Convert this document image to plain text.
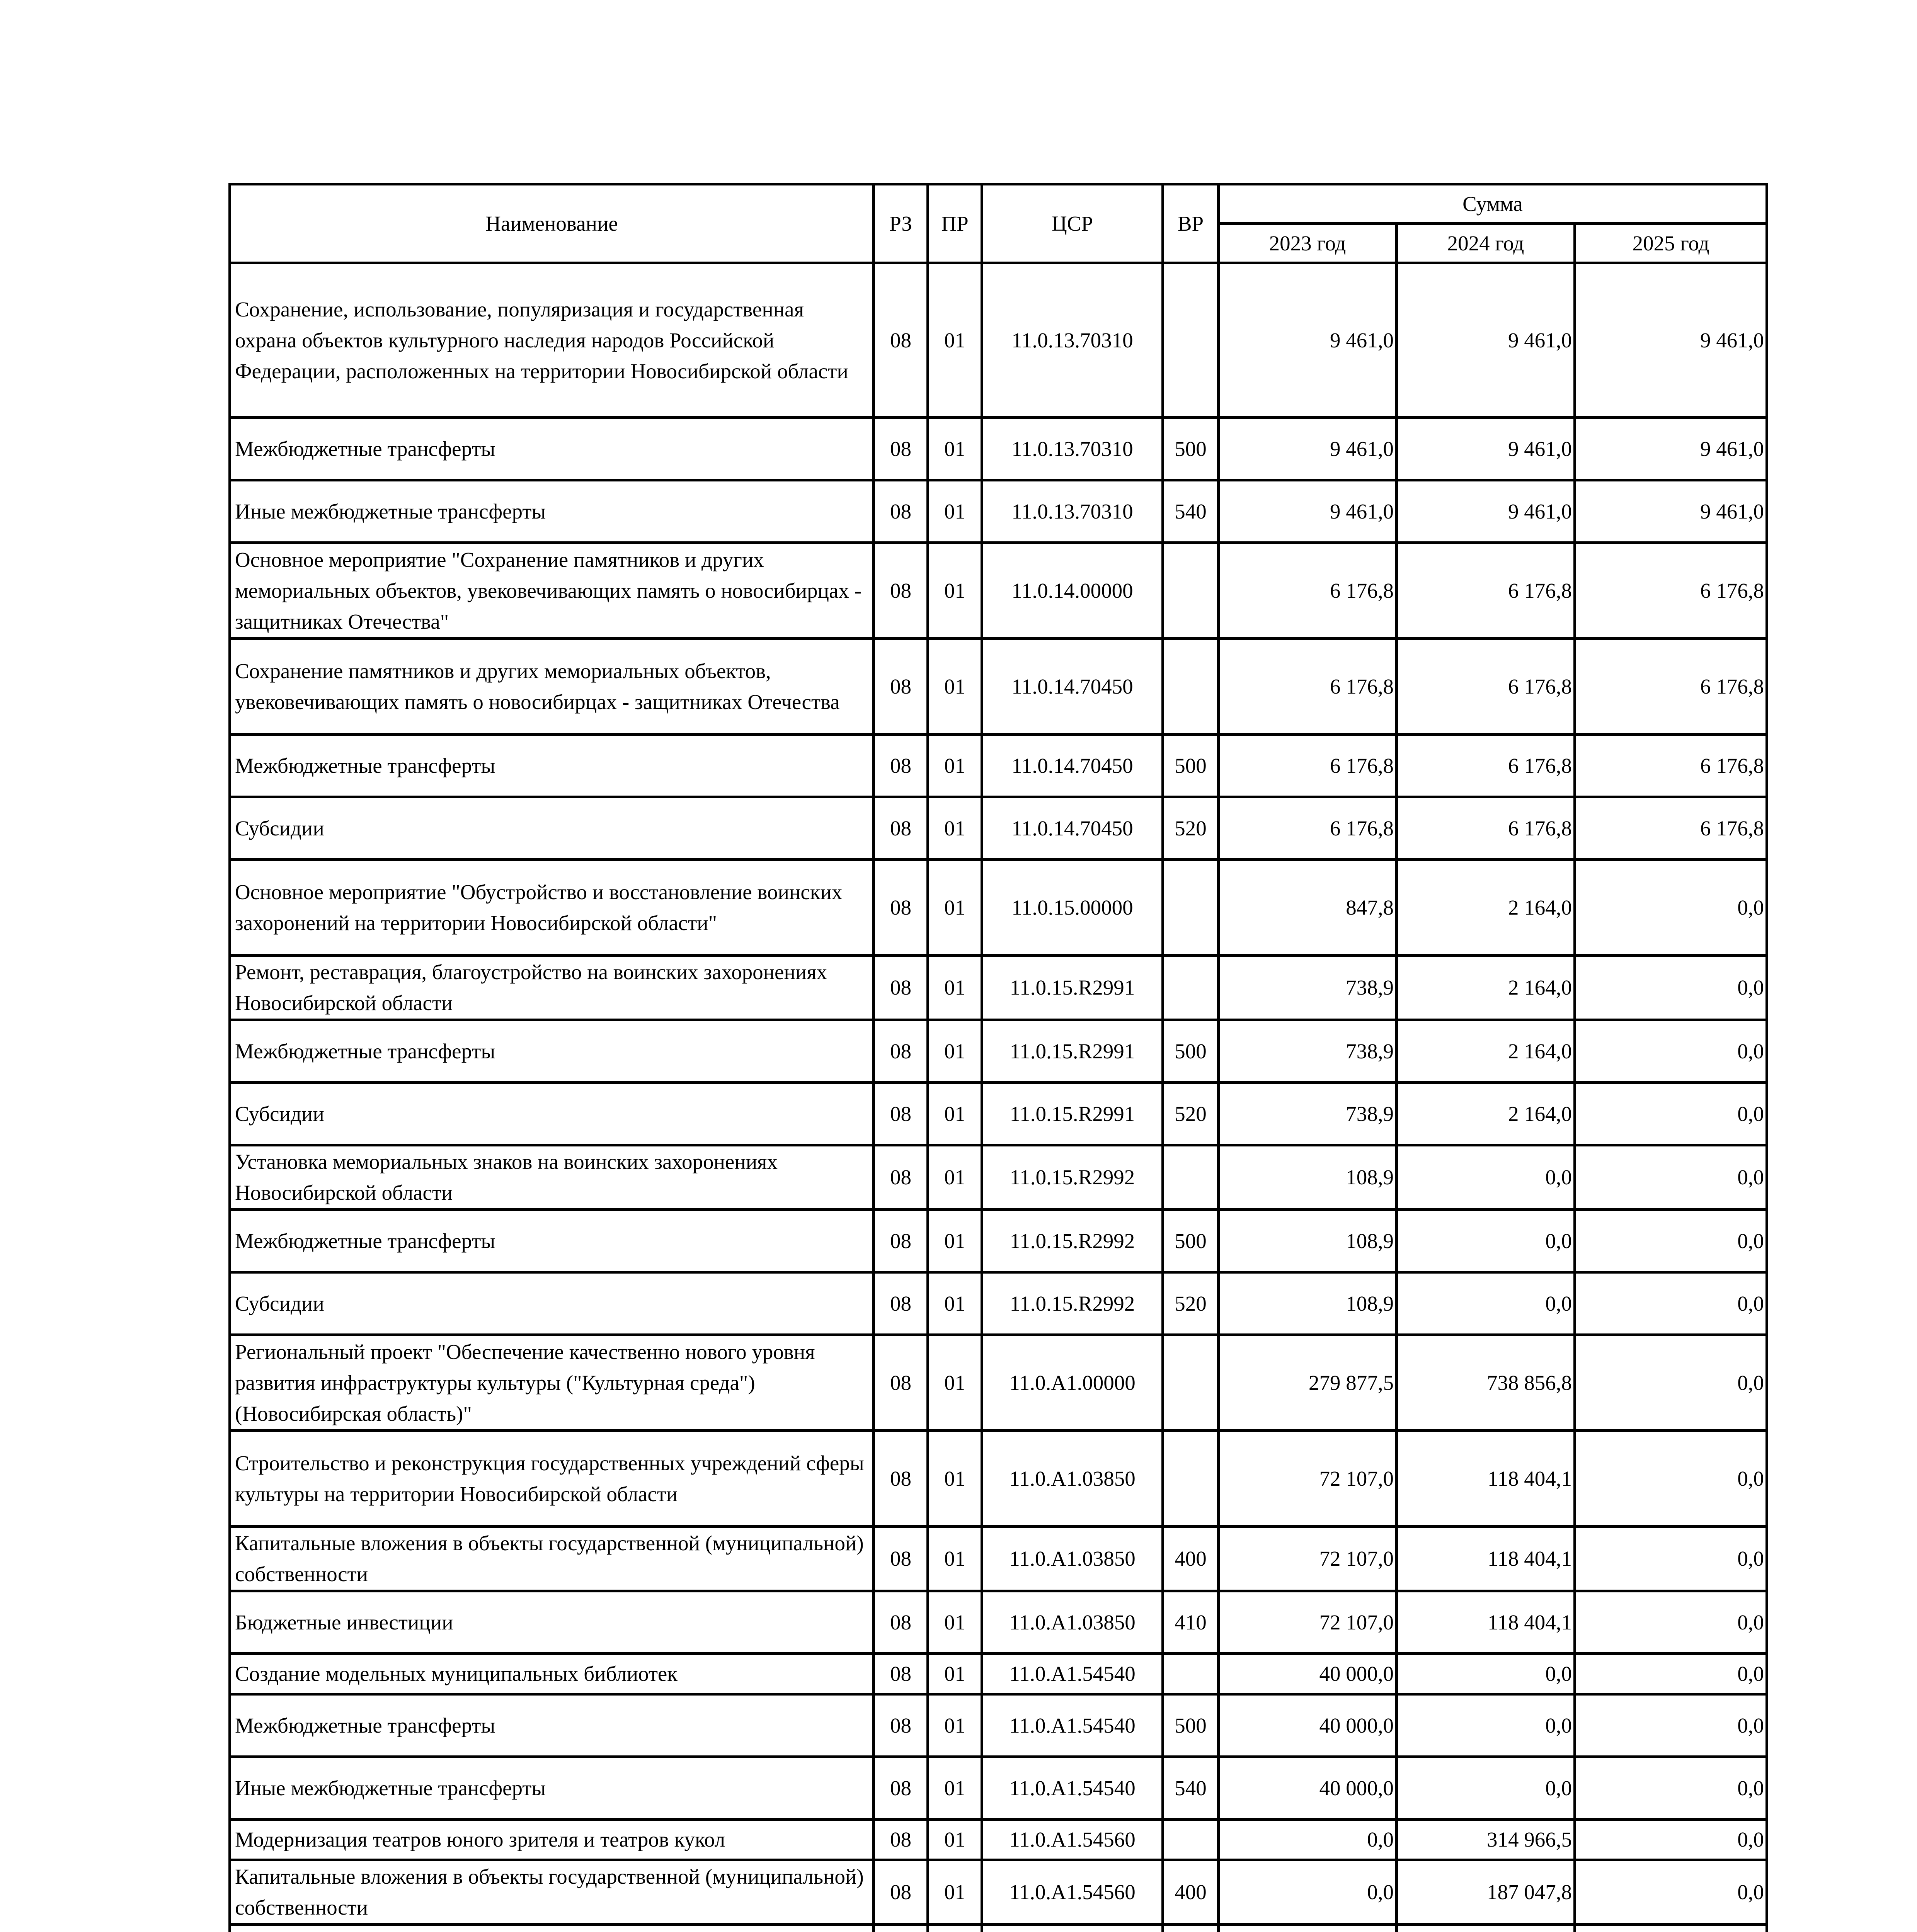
Наименование	РЗ	ПР	ЦСР	ВР	Сумма		
					2023 год	2024 год	2025 год
Сохранение, использование, популяризация и государственная охрана объектов культурного наследия народов Российской Федерации, расположенных на территории Новосибирской области	08	01	11.0.13.70310		9 461,0	9 461,0	9 461,0
Межбюджетные трансферты	08	01	11.0.13.70310	500	9 461,0	9 461,0	9 461,0
Иные межбюджетные трансферты	08	01	11.0.13.70310	540	9 461,0	9 461,0	9 461,0
Основное мероприятие "Сохранение памятников и других мемориальных объектов, увековечивающих память о новосибирцах - защитниках Отечества"	08	01	11.0.14.00000		6 176,8	6 176,8	6 176,8
Сохранение памятников и других мемориальных объектов, увековечивающих память о новосибирцах - защитниках Отечества	08	01	11.0.14.70450		6 176,8	6 176,8	6 176,8
Межбюджетные трансферты	08	01	11.0.14.70450	500	6 176,8	6 176,8	6 176,8
Субсидии	08	01	11.0.14.70450	520	6 176,8	6 176,8	6 176,8
Основное мероприятие "Обустройство и восстановление воинских захоронений на территории Новосибирской области"	08	01	11.0.15.00000		847,8	2 164,0	0,0
Ремонт, реставрация, благоустройство на воинских захоронениях Новосибирской области	08	01	11.0.15.R2991		738,9	2 164,0	0,0
Межбюджетные трансферты	08	01	11.0.15.R2991	500	738,9	2 164,0	0,0
Субсидии	08	01	11.0.15.R2991	520	738,9	2 164,0	0,0
Установка мемориальных знаков на воинских захоронениях Новосибирской области	08	01	11.0.15.R2992		108,9	0,0	0,0
Межбюджетные трансферты	08	01	11.0.15.R2992	500	108,9	0,0	0,0
Субсидии	08	01	11.0.15.R2992	520	108,9	0,0	0,0
Региональный проект "Обеспечение качественно нового уровня развития инфраструктуры культуры ("Культурная среда") (Новосибирская область)"	08	01	11.0.A1.00000		279 877,5	738 856,8	0,0
Строительство и реконструкция государственных учреждений сферы культуры на территории Новосибирской области	08	01	11.0.A1.03850		72 107,0	118 404,1	0,0
Капитальные вложения в объекты государственной (муниципальной) собственности	08	01	11.0.A1.03850	400	72 107,0	118 404,1	0,0
Бюджетные инвестиции	08	01	11.0.A1.03850	410	72 107,0	118 404,1	0,0
Создание модельных муниципальных библиотек	08	01	11.0.A1.54540		40 000,0	0,0	0,0
Межбюджетные трансферты	08	01	11.0.A1.54540	500	40 000,0	0,0	0,0
Иные межбюджетные трансферты	08	01	11.0.A1.54540	540	40 000,0	0,0	0,0
Модернизация театров юного зрителя и театров кукол	08	01	11.0.A1.54560		0,0	314 966,5	0,0
Капитальные вложения в объекты государственной (муниципальной) собственности	08	01	11.0.A1.54560	400	0,0	187 047,8	0,0
